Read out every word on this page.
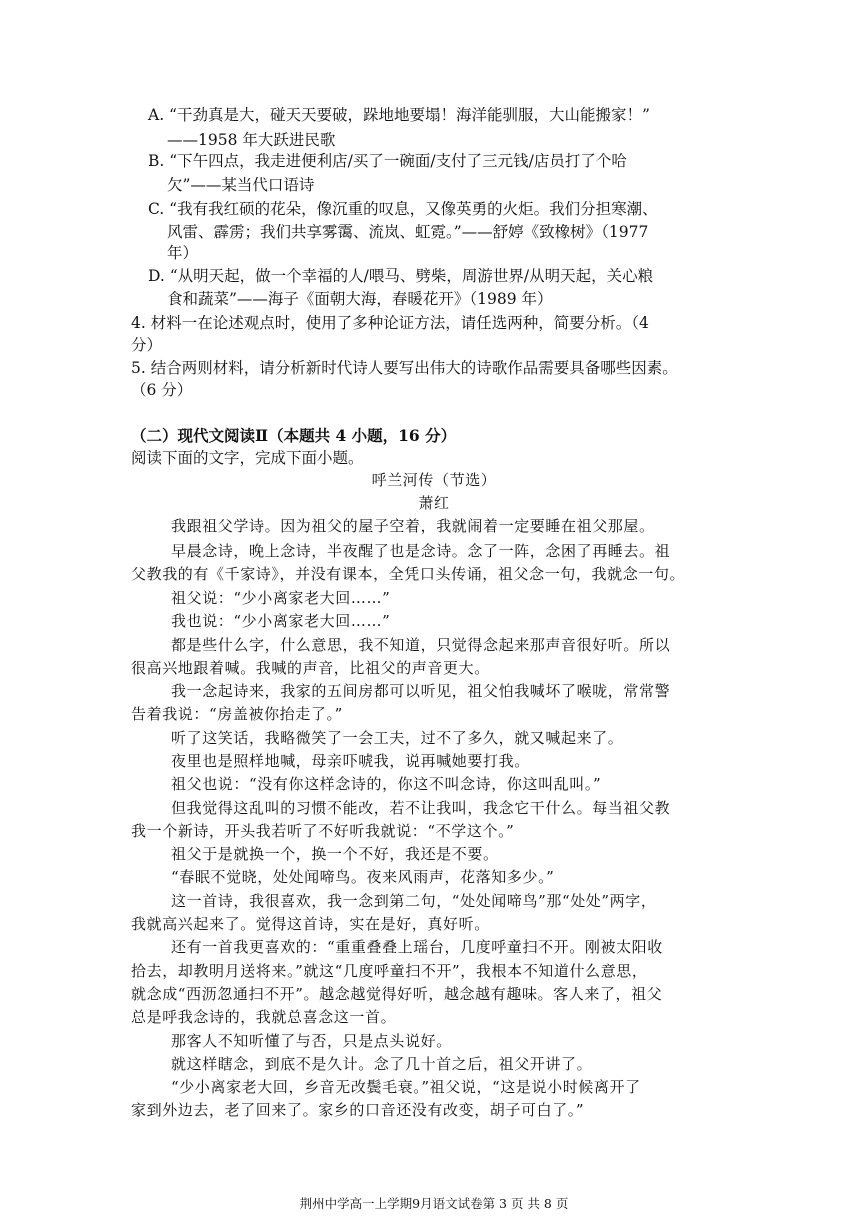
A. “干劲真是大，碰天天要破，跺地地要塌！海洋能驯服，大山能搬家！”
——1958 年大跃进民歌
B. “下午四点，我走进便利店/买了一碗面/支付了三元钱/店员打了个哈
欠”——某当代口语诗
C. “我有我红硕的花朵，像沉重的叹息，又像英勇的火炬。我们分担寒潮、
风雷、霹雳；我们共享雾霭、流岚、虹霓。”——舒婷《致橡树》（1977
年）
D. “从明天起，做一个幸福的人/喂马、劈柴，周游世界/从明天起，关心粮
食和蔬菜”——海子《面朝大海，春暖花开》（1989 年）
4. 材料一在论述观点时，使用了多种论证方法，请任选两种，简要分析。（4
分）
5. 结合两则材料，请分析新时代诗人要写出伟大的诗歌作品需要具备哪些因素。
（6 分）
（二）现代文阅读Ⅱ（本题共 4 小题，16 分）
阅读下面的文字，完成下面小题。
呼兰河传（节选）
萧红
我跟祖父学诗。因为祖父的屋子空着，我就闹着一定要睡在祖父那屋。
早晨念诗，晚上念诗，半夜醒了也是念诗。念了一阵，念困了再睡去。祖
父教我的有《千家诗》，并没有课本，全凭口头传诵，祖父念一句，我就念一句。
祖父说：“少小离家老大回……”
我也说：“少小离家老大回……”
都是些什么字，什么意思，我不知道，只觉得念起来那声音很好听。所以
很高兴地跟着喊。我喊的声音，比祖父的声音更大。
我一念起诗来，我家的五间房都可以听见，祖父怕我喊坏了喉咙，常常警
告着我说：“房盖被你抬走了。”
听了这笑话，我略微笑了一会工夫，过不了多久，就又喊起来了。
夜里也是照样地喊，母亲吓唬我，说再喊她要打我。
祖父也说：“没有你这样念诗的，你这不叫念诗，你这叫乱叫。”
但我觉得这乱叫的习惯不能改，若不让我叫，我念它干什么。每当祖父教
我一个新诗，开头我若听了不好听我就说：“不学这个。”
祖父于是就换一个，换一个不好，我还是不要。
“春眠不觉晓，处处闻啼鸟。夜来风雨声，花落知多少。”
这一首诗，我很喜欢，我一念到第二句，“处处闻啼鸟”那“处处”两字，
我就高兴起来了。觉得这首诗，实在是好，真好听。
还有一首我更喜欢的：“重重叠叠上瑶台，几度呼童扫不开。刚被太阳收
拾去，却教明月送将来。”就这“几度呼童扫不开”，我根本不知道什么意思，
就念成“西沥忽通扫不开”。越念越觉得好听，越念越有趣味。客人来了，祖父
总是呼我念诗的，我就总喜念这一首。
那客人不知听懂了与否，只是点头说好。
就这样瞎念，到底不是久计。念了几十首之后，祖父开讲了。
“少小离家老大回，乡音无改鬓毛衰。”祖父说，“这是说小时候离开了
家到外边去，老了回来了。家乡的口音还没有改变，胡子可白了。”
荆州中学高一上学期9月语文试卷第 3 页 共 8 页
